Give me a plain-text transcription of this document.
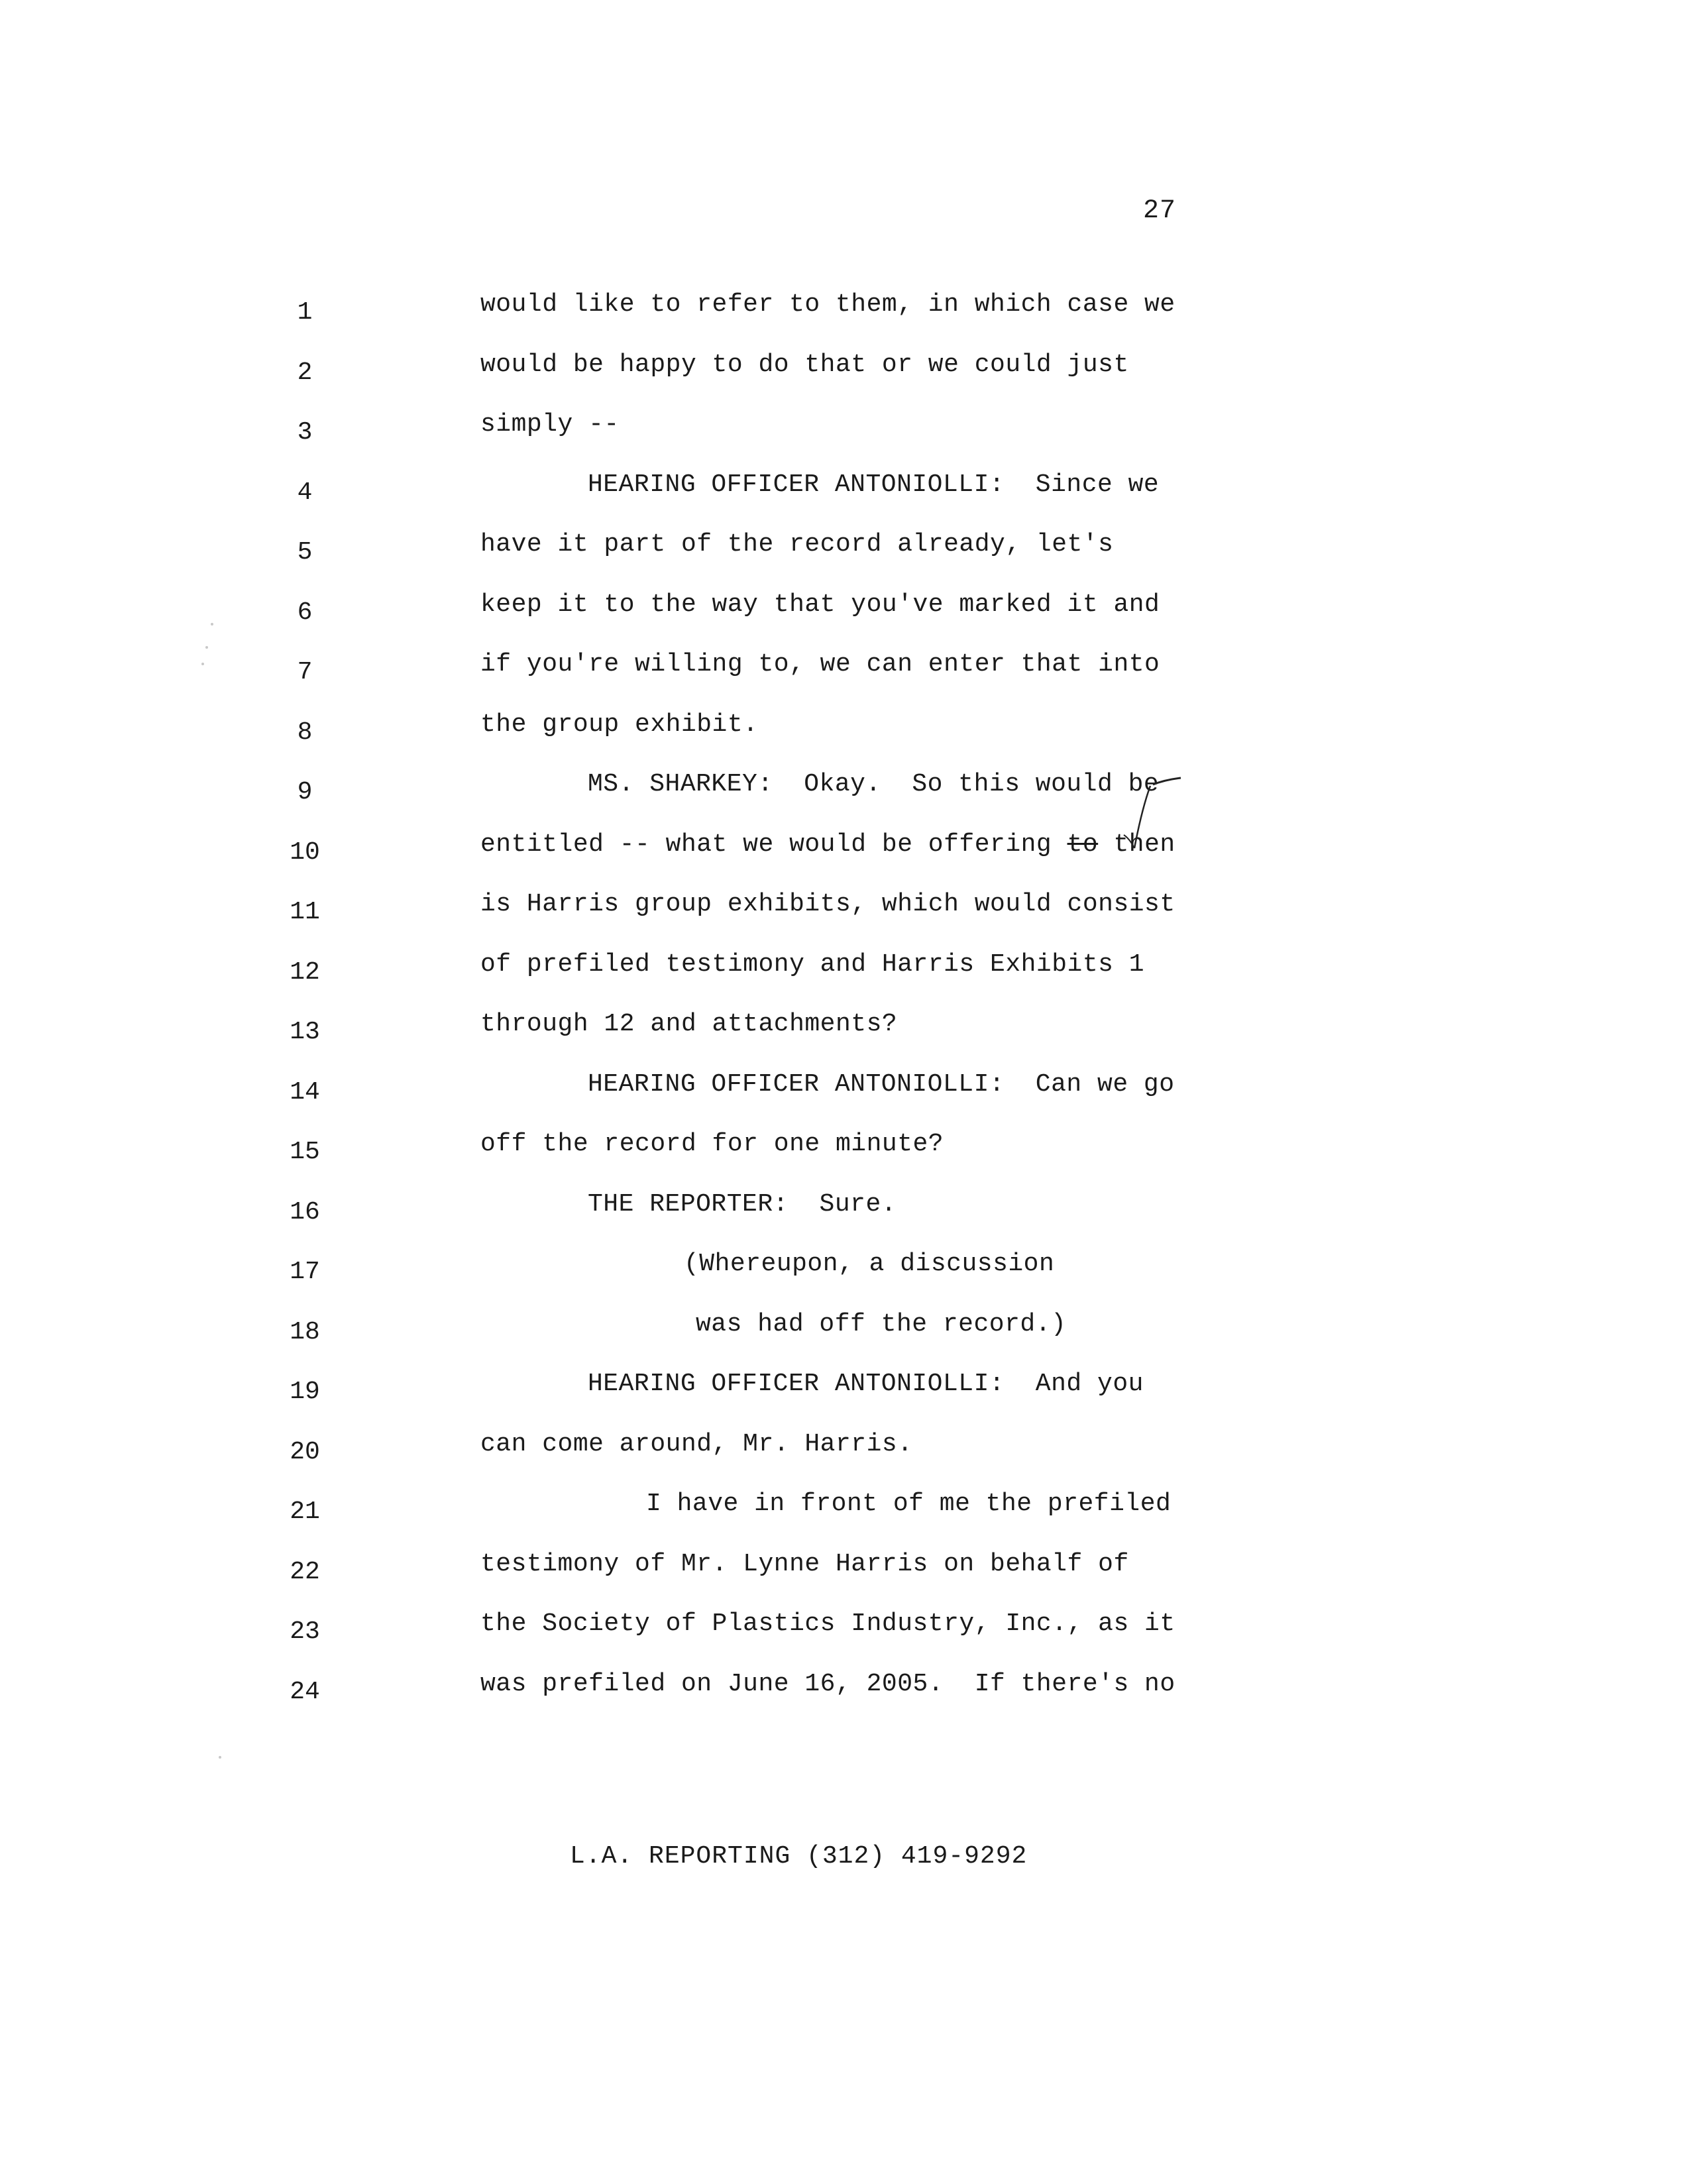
27
1	would like to refer to them, in which case we
2	would be happy to do that or we could just
3	simply --
4	HEARING OFFICER ANTONIOLLI:  Since we
5	have it part of the record already, let's
6	keep it to the way that you've marked it and
7	if you're willing to, we can enter that into
8	the group exhibit.
9	MS. SHARKEY:  Okay.  So this would be
10	entitled -- what we would be offering to then
11	is Harris group exhibits, which would consist
12	of prefiled testimony and Harris Exhibits 1
13	through 12 and attachments?
14	HEARING OFFICER ANTONIOLLI:  Can we go
15	off the record for one minute?
16	THE REPORTER:  Sure.
17	(Whereupon, a discussion
18	was had off the record.)
19	HEARING OFFICER ANTONIOLLI:  And you
20	can come around, Mr. Harris.
21	I have in front of me the prefiled
22	testimony of Mr. Lynne Harris on behalf of
23	the Society of Plastics Industry, Inc., as it
24	was prefiled on June 16, 2005.  If there's no
L.A. REPORTING (312) 419-9292
